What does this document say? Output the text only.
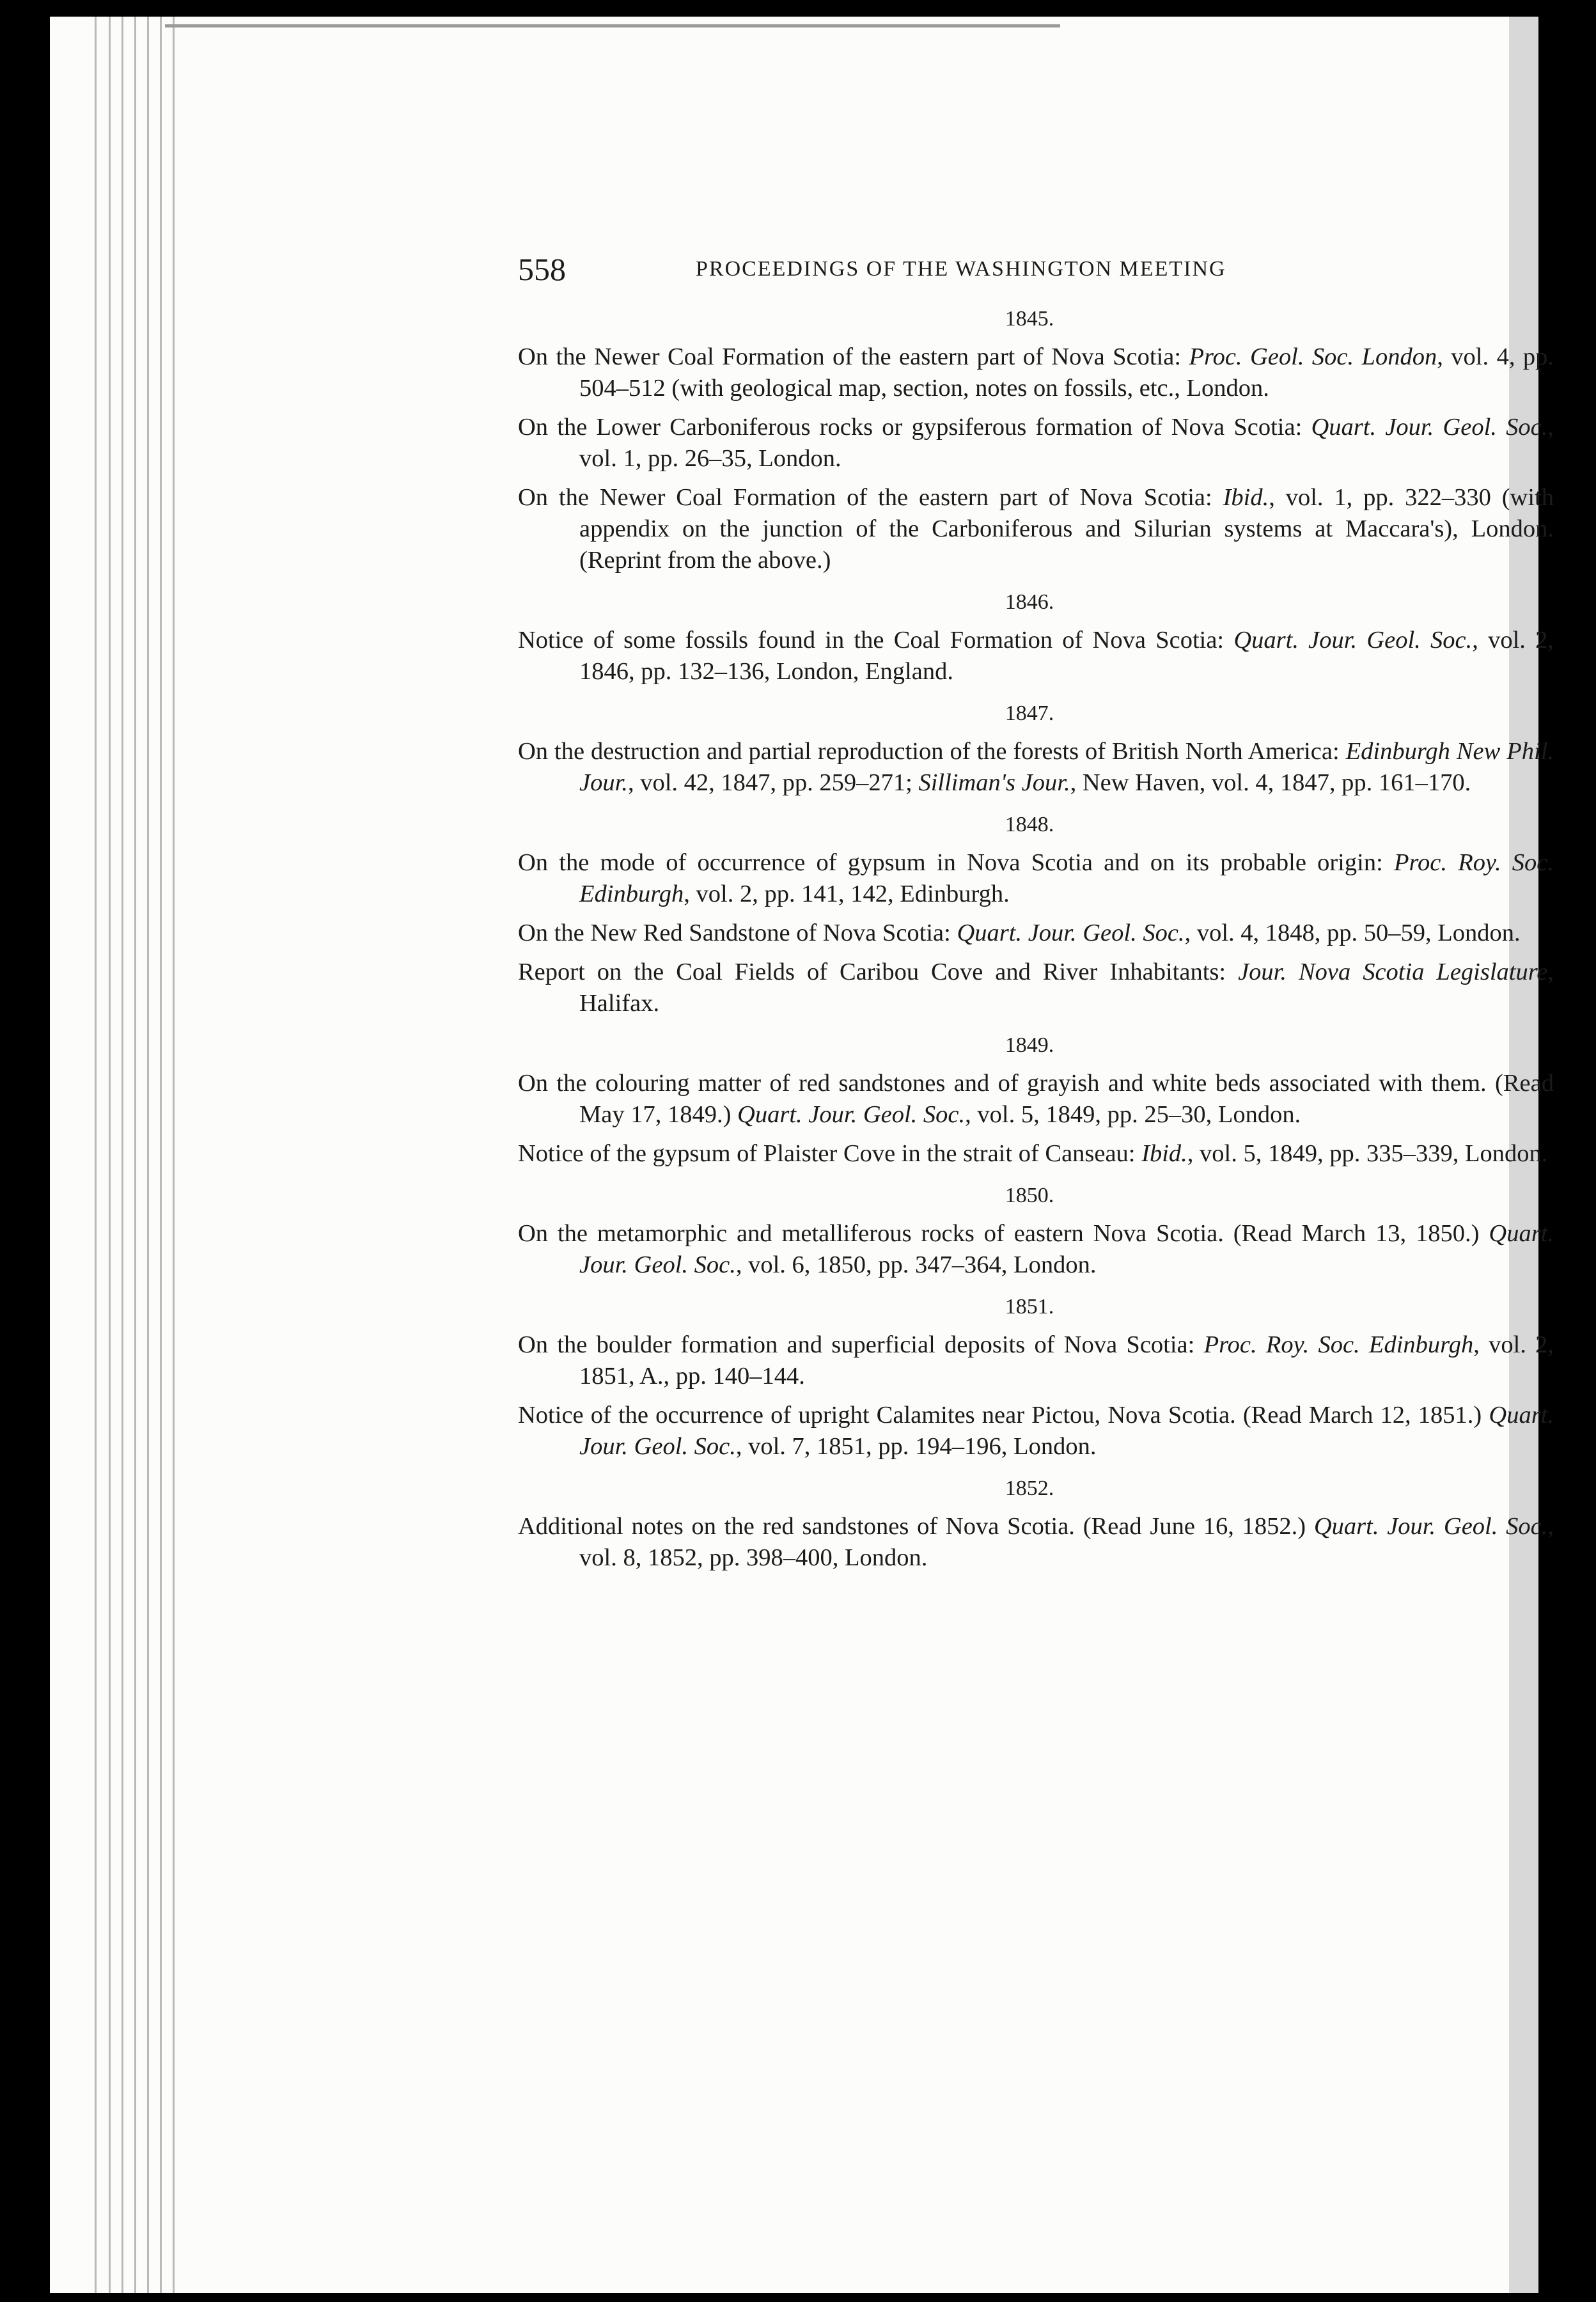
558	PROCEEDINGS OF THE WASHINGTON MEETING
1845.
On the Newer Coal Formation of the eastern part of Nova Scotia: Proc. Geol. Soc. London, vol. 4, pp. 504–512 (with geological map, section, notes on fossils, etc., London.
On the Lower Carboniferous rocks or gypsiferous formation of Nova Scotia: Quart. Jour. Geol. Soc., vol. 1, pp. 26–35, London.
On the Newer Coal Formation of the eastern part of Nova Scotia: Ibid., vol. 1, pp. 322–330 (with appendix on the junction of the Carboniferous and Silurian systems at Maccara's), London. (Reprint from the above.)
1846.
Notice of some fossils found in the Coal Formation of Nova Scotia: Quart. Jour. Geol. Soc., vol. 2, 1846, pp. 132–136, London, England.
1847.
On the destruction and partial reproduction of the forests of British North America: Edinburgh New Phil. Jour., vol. 42, 1847, pp. 259–271; Silliman's Jour., New Haven, vol. 4, 1847, pp. 161–170.
1848.
On the mode of occurrence of gypsum in Nova Scotia and on its probable origin: Proc. Roy. Soc. Edinburgh, vol. 2, pp. 141, 142, Edinburgh.
On the New Red Sandstone of Nova Scotia: Quart. Jour. Geol. Soc., vol. 4, 1848, pp. 50–59, London.
Report on the Coal Fields of Caribou Cove and River Inhabitants: Jour. Nova Scotia Legislature, Halifax.
1849.
On the colouring matter of red sandstones and of grayish and white beds associated with them. (Read May 17, 1849.) Quart. Jour. Geol. Soc., vol. 5, 1849, pp. 25–30, London.
Notice of the gypsum of Plaister Cove in the strait of Canseau: Ibid., vol. 5, 1849, pp. 335–339, London.
1850.
On the metamorphic and metalliferous rocks of eastern Nova Scotia. (Read March 13, 1850.) Quart. Jour. Geol. Soc., vol. 6, 1850, pp. 347–364, London.
1851.
On the boulder formation and superficial deposits of Nova Scotia: Proc. Roy. Soc. Edinburgh, vol. 2, 1851, A., pp. 140–144.
Notice of the occurrence of upright Calamites near Pictou, Nova Scotia. (Read March 12, 1851.) Quart. Jour. Geol. Soc., vol. 7, 1851, pp. 194–196, London.
1852.
Additional notes on the red sandstones of Nova Scotia. (Read June 16, 1852.) Quart. Jour. Geol. Soc., vol. 8, 1852, pp. 398–400, London.
